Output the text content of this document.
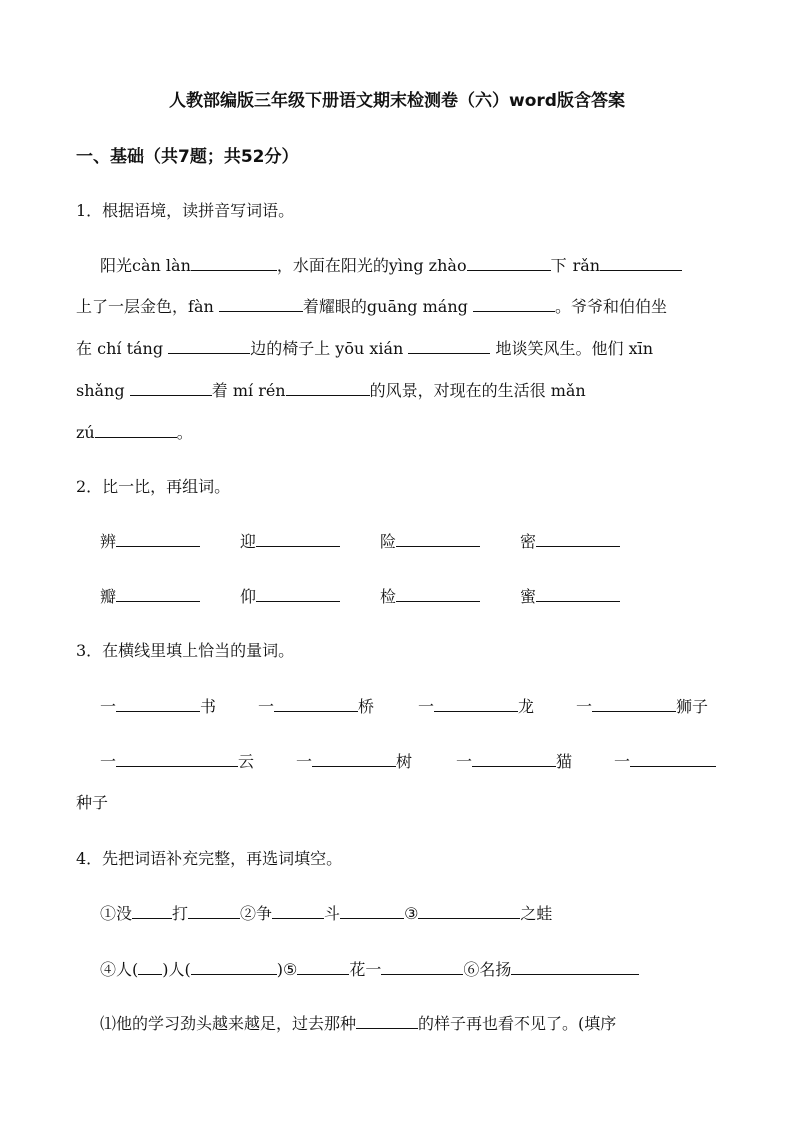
人教部编版三年级下册语文期末检测卷（六）word版含答案
一、基础（共7题；共52分）
1．根据语境，读拼音写词语。
阳光càn làn	，水面在阳光的yìng zhào	下 rǎn
上了一层金色，fàn	着耀眼的guāng máng	。爷爷和伯伯坐
在 chí táng	边的椅子上 yōu xián	地谈笑风生。他们 xīn
shǎng	着 mí rén	的风景，对现在的生活很 mǎn
zú	。
2．比一比，再组词。
辨	迎	险	密
瓣	仰	检	蜜
3．在横线里填上恰当的量词。
一	书	一	桥	一	龙	一	狮子
一	云	一	树	一	猫	一
种子
4．先把词语补充完整，再选词填空。
①没	打	②争	斗	③	之蛙
④人( )人(	)⑤	花一	⑥名扬
⑴他的学习劲头越来越足，过去那种	的样子再也看不见了。(填序
